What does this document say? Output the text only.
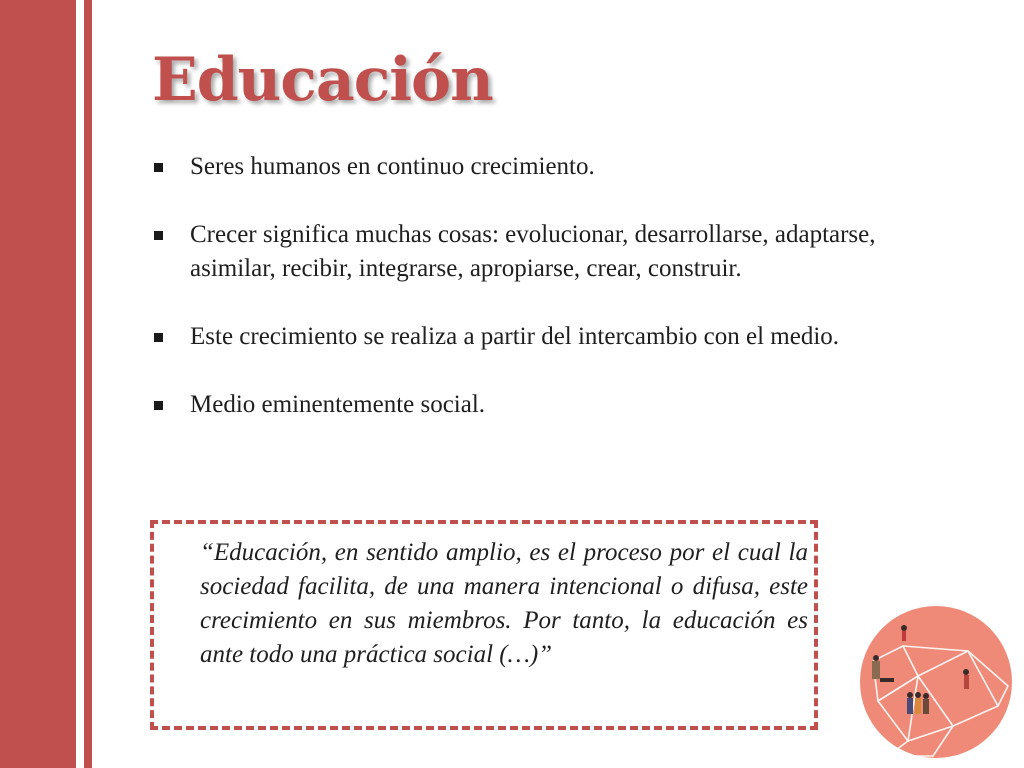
Educación
Seres humanos en continuo crecimiento.
Crecer significa muchas cosas: evolucionar, desarrollarse, adaptarse, asimilar, recibir, integrarse, apropiarse, crear, construir.
Este crecimiento se realiza a partir del intercambio con el medio.
Medio eminentemente social.

“Educación, en sentido amplio, es el proceso por el cual la sociedad facilita, de una manera intencional o difusa, este crecimiento en sus miembros. Por tanto, la educación es ante todo una práctica social (…)”
